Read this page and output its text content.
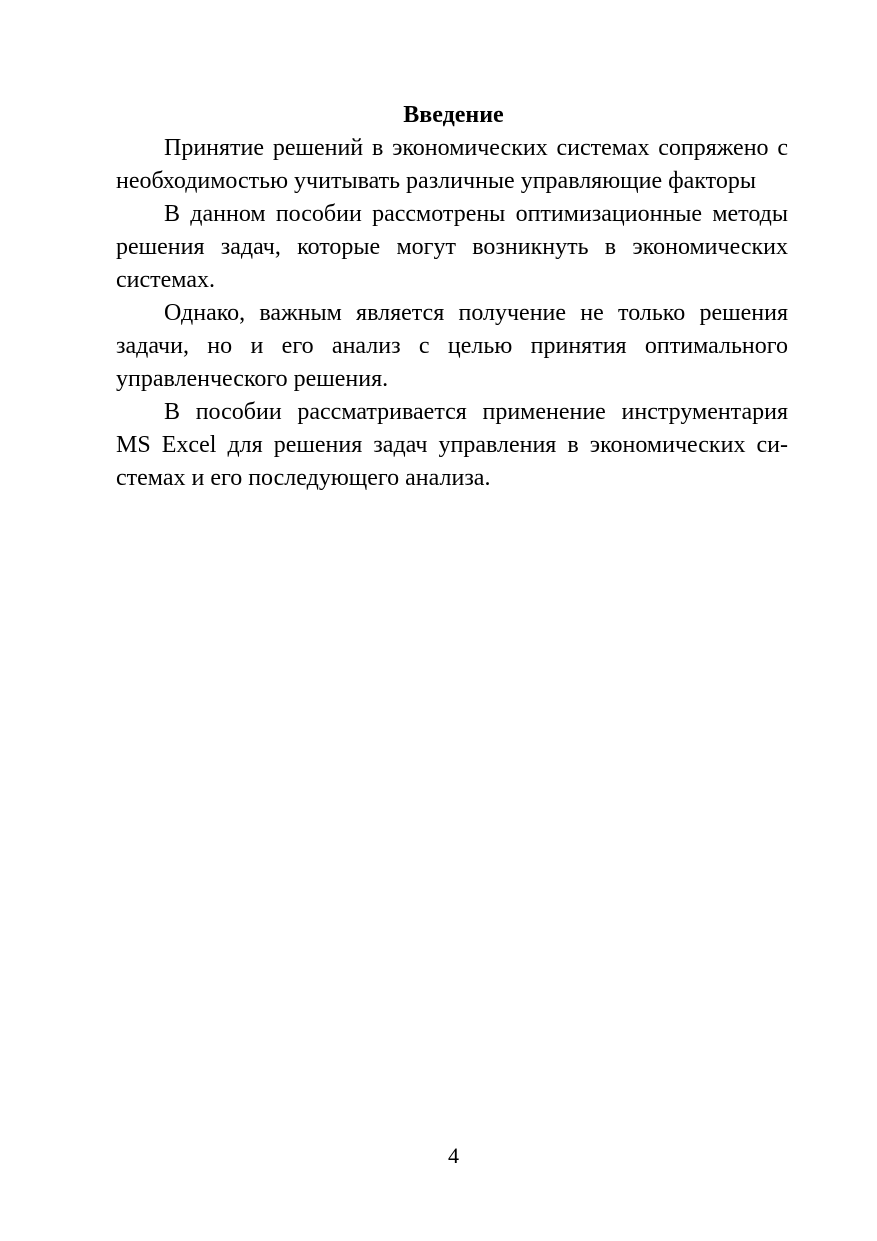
Введение

Принятие решений в экономических системах сопряжено с необходимостью учитывать различные управляющие факторы

В данном пособии рассмотрены оптимизационные методы решения задач, которые могут возникнуть в экономических системах.

Однако, важным является получение не только решения задачи, но и его анализ с целью принятия оптимального управленческого решения.

В пособии рассматривается применение инструментария MS Excel для решения задач управления в экономических системах и его последующего анализа.

4
